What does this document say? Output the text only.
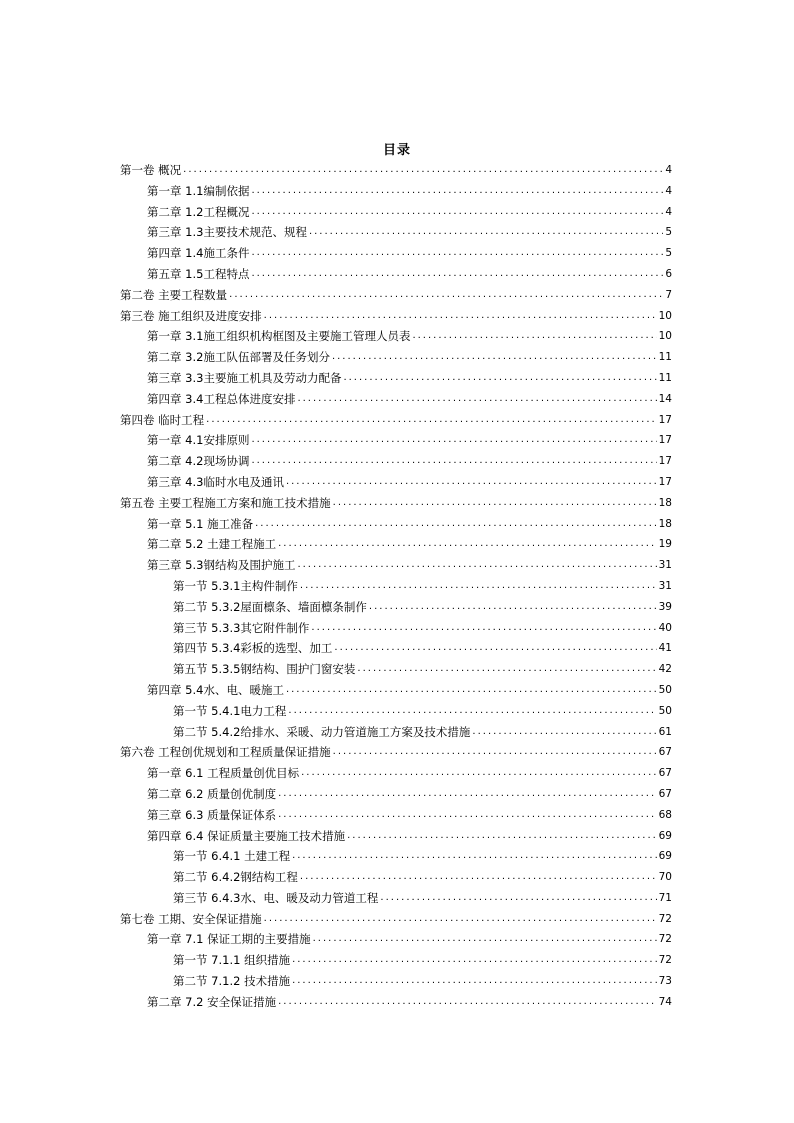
目录
第一卷 概况 .....	4
第一章 1.1编制依据 .....	4
第二章 1.2工程概况 .....	4
第三章 1.3主要技术规范、规程 .....	5
第四章 1.4施工条件 .....	5
第五章 1.5工程特点 .....	6
第二卷 主要工程数量 .....	7
第三卷 施工组织及进度安排 .....	10
第一章 3.1施工组织机构框图及主要施工管理人员表 .....	10
第二章 3.2施工队伍部署及任务划分 .....	11
第三章 3.3主要施工机具及劳动力配备 .....	11
第四章 3.4工程总体进度安排 .....	14
第四卷 临时工程 .....	17
第一章 4.1安排原则 .....	17
第二章 4.2现场协调 .....	17
第三章 4.3临时水电及通讯 .....	17
第五卷 主要工程施工方案和施工技术措施 .....	18
第一章 5.1 施工准备 .....	18
第二章 5.2 土建工程施工 .....	19
第三章 5.3钢结构及围护施工 .....	31
第一节 5.3.1主构件制作 .....	31
第二节 5.3.2屋面檩条、墙面檩条制作 .....	39
第三节 5.3.3其它附件制作 .....	40
第四节 5.3.4彩板的选型、加工 .....	41
第五节 5.3.5钢结构、围护门窗安装 .....	42
第四章 5.4水、电、暖施工 .....	50
第一节 5.4.1电力工程 .....	50
第二节 5.4.2给排水、采暖、动力管道施工方案及技术措施 .....	61
第六卷 工程创优规划和工程质量保证措施 .....	67
第一章 6.1 工程质量创优目标 .....	67
第二章 6.2 质量创优制度 .....	67
第三章 6.3 质量保证体系 .....	68
第四章 6.4 保证质量主要施工技术措施 .....	69
第一节 6.4.1 土建工程 .....	69
第二节 6.4.2钢结构工程 .....	70
第三节 6.4.3水、电、暖及动力管道工程 .....	71
第七卷 工期、安全保证措施 .....	72
第一章 7.1 保证工期的主要措施 .....	72
第一节 7.1.1 组织措施 .....	72
第二节 7.1.2 技术措施 .....	73
第二章 7.2 安全保证措施 .....	74
